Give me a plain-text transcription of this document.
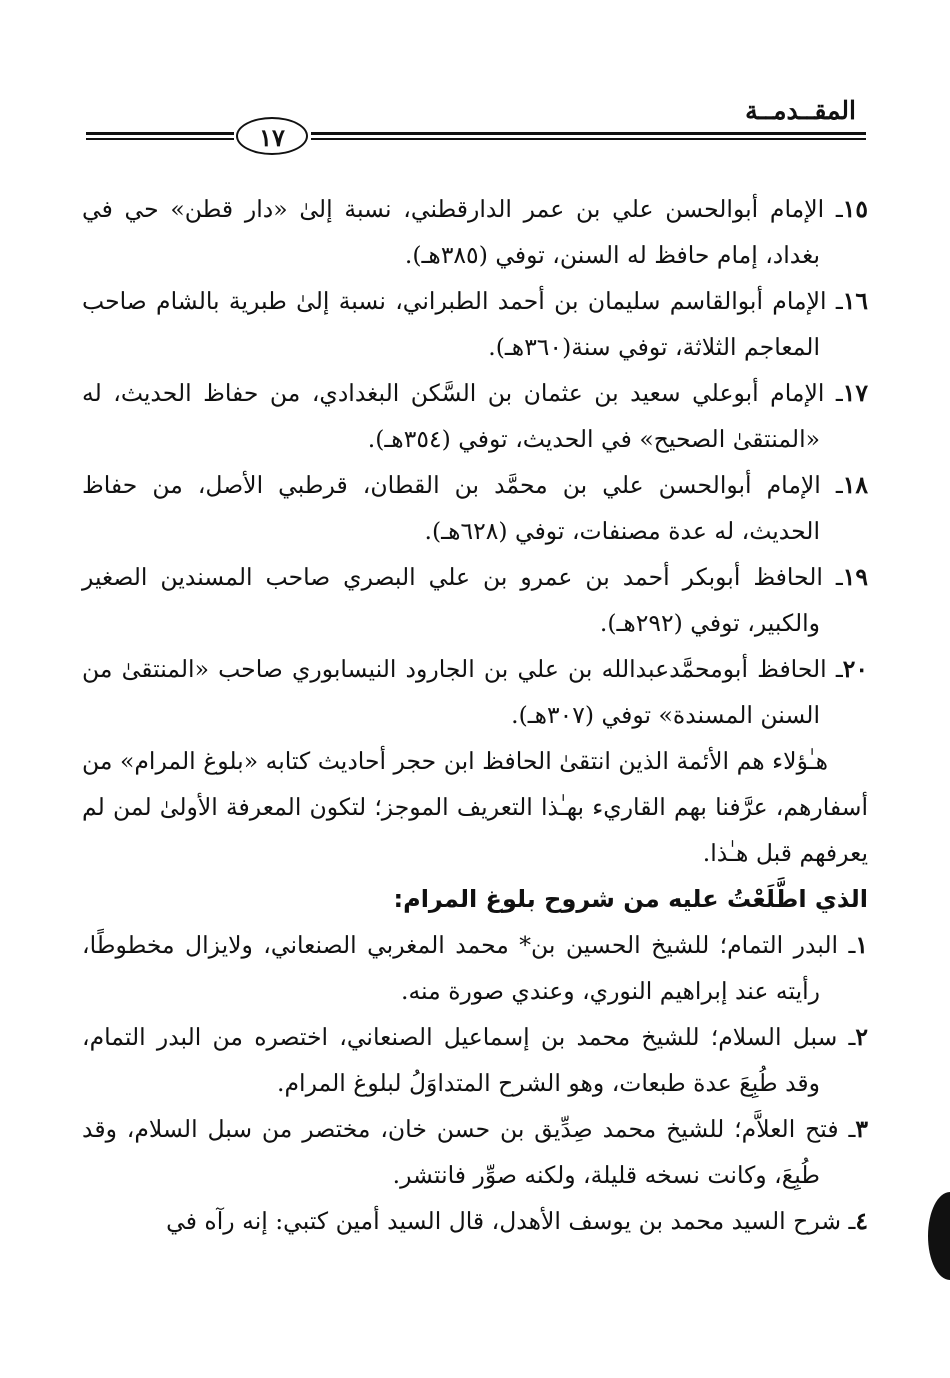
المقــدمــة
١٧

١٥ـ الإمام أبوالحسن علي بن عمر الدارقطني، نسبة إلىٰ «دار قطن» حي في بغداد، إمام حافظ له السنن، توفي (٣٨٥هـ).

١٦ـ الإمام أبوالقاسم سليمان بن أحمد الطبراني، نسبة إلىٰ طبرية بالشام صاحب المعاجم الثلاثة، توفي سنة(٣٦٠هـ).

١٧ـ الإمام أبوعلي سعيد بن عثمان بن السَّكن البغدادي، من حفاظ الحديث، له «المنتقىٰ الصحيح» في الحديث، توفي (٣٥٤هـ).

١٨ـ الإمام أبوالحسن علي بن محمَّد بن القطان، قرطبي الأصل، من حفاظ الحديث، له عدة مصنفات، توفي (٦٢٨هـ).

١٩ـ الحافظ أبوبكر أحمد بن عمرو بن علي البصري صاحب المسندين الصغير والكبير، توفي (٢٩٢هـ).

٢٠ـ الحافظ أبومحمَّدعبدالله بن علي بن الجارود النيسابوري صاحب «المنتقىٰ من السنن المسندة» توفي (٣٠٧هـ).

هـٰؤلاء هم الأئمة الذين انتقىٰ الحافظ ابن حجر أحاديث كتابه «بلوغ المرام» من أسفارهم، عرَّفنا بهم القاريء بهـٰذا التعريف الموجز؛ لتكون المعرفة الأولىٰ لمن لم يعرفهم قبل هـٰذا.

الذي اطَّلَعْتُ عليه من شروح بلوغ المرام:

١ـ البدر التمام؛ للشيخ الحسين بن* محمد المغربي الصنعاني، ولايزال مخطوطًا، رأيته عند إبراهيم النوري، وعندي صورة منه.

٢ـ سبل السلام؛ للشيخ محمد بن إسماعيل الصنعاني، اختصره من البدر التمام، وقد طُبِعَ عدة طبعات، وهو الشرح المتداوَلُ لبلوغ المرام.

٣ـ فتح العلاَّم؛ للشيخ محمد صِدِّيق بن حسن خان، مختصر من سبل السلام، وقد طُبِعَ، وكانت نسخه قليلة، ولكنه صوِّر فانتشر.

٤ـ شرح السيد محمد بن يوسف الأهدل، قال السيد أمين كتبي: إنه رآه في
